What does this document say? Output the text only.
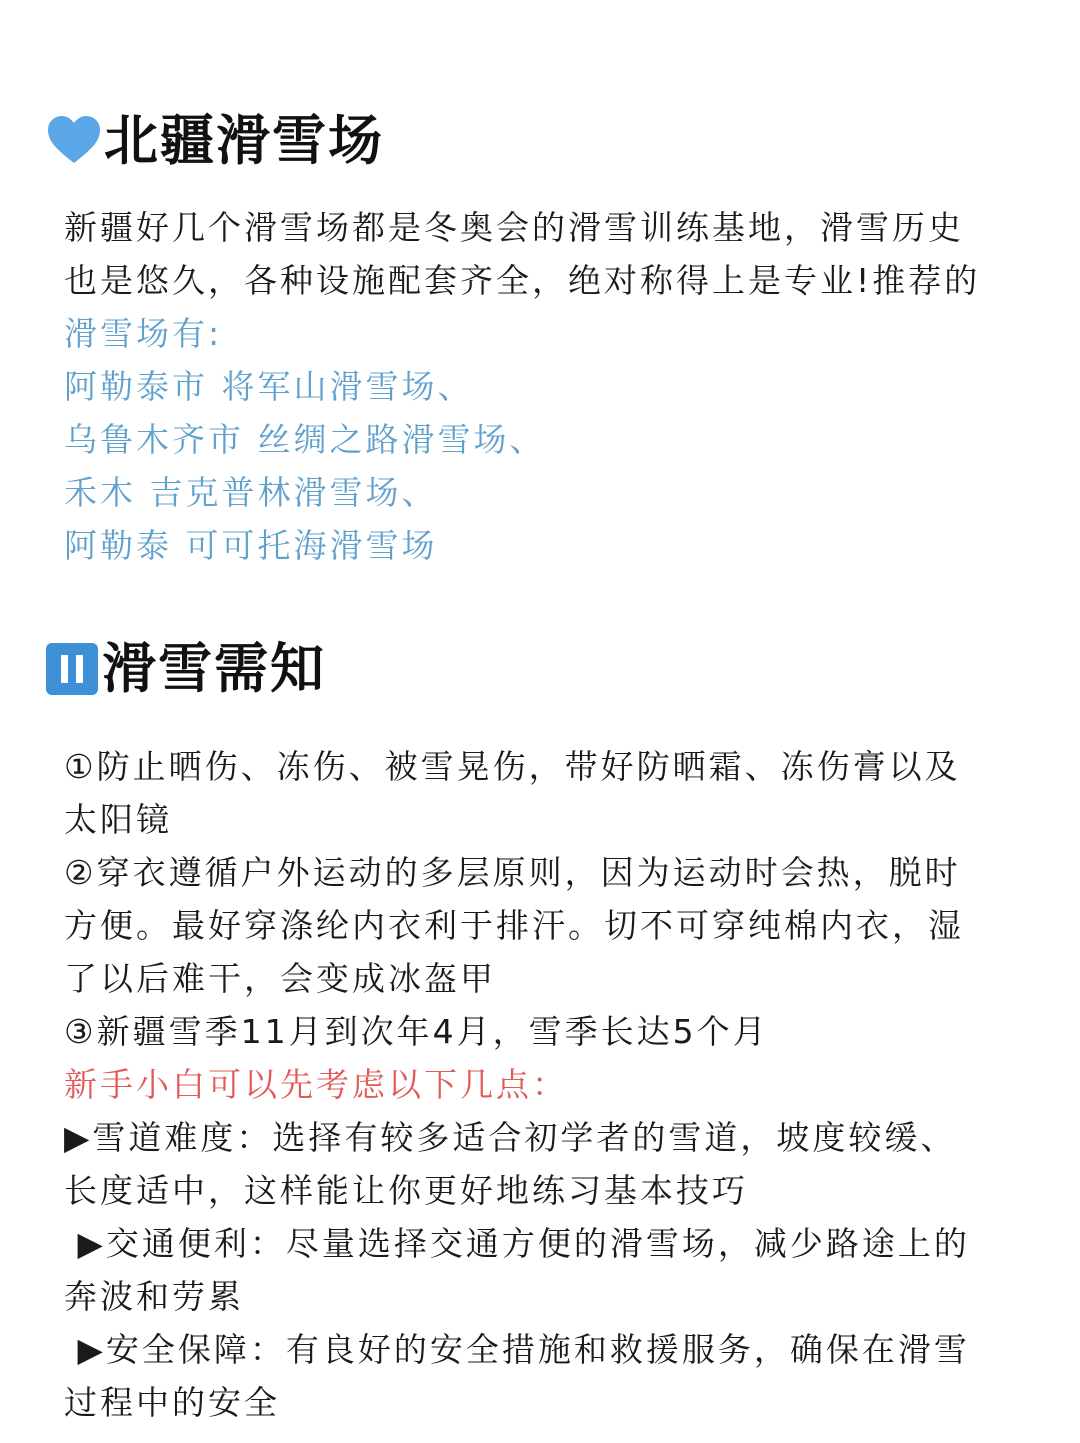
北疆滑雪场
新疆好几个滑雪场都是冬奥会的滑雪训练基地，滑雪历史
也是悠久，各种设施配套齐全，绝对称得上是专业!推荐的
滑雪场有:
阿勒泰市 将军山滑雪场、
乌鲁木齐市 丝绸之路滑雪场、
禾木 吉克普林滑雪场、
阿勒泰 可可托海滑雪场
滑雪需知
①防止晒伤、冻伤、被雪晃伤，带好防晒霜、冻伤膏以及
太阳镜
②穿衣遵循户外运动的多层原则，因为运动时会热，脱时
方便。最好穿涤纶内衣利于排汗。切不可穿纯棉内衣，湿
了以后难干，会变成冰盔甲
③新疆雪季11月到次年4月，雪季长达5个月
新手小白可以先考虑以下几点：
▶雪道难度：选择有较多适合初学者的雪道，坡度较缓、
长度适中，这样能让你更好地练习基本技巧
▶交通便利：尽量选择交通方便的滑雪场，减少路途上的
奔波和劳累
▶安全保障：有良好的安全措施和救援服务，确保在滑雪
过程中的安全
